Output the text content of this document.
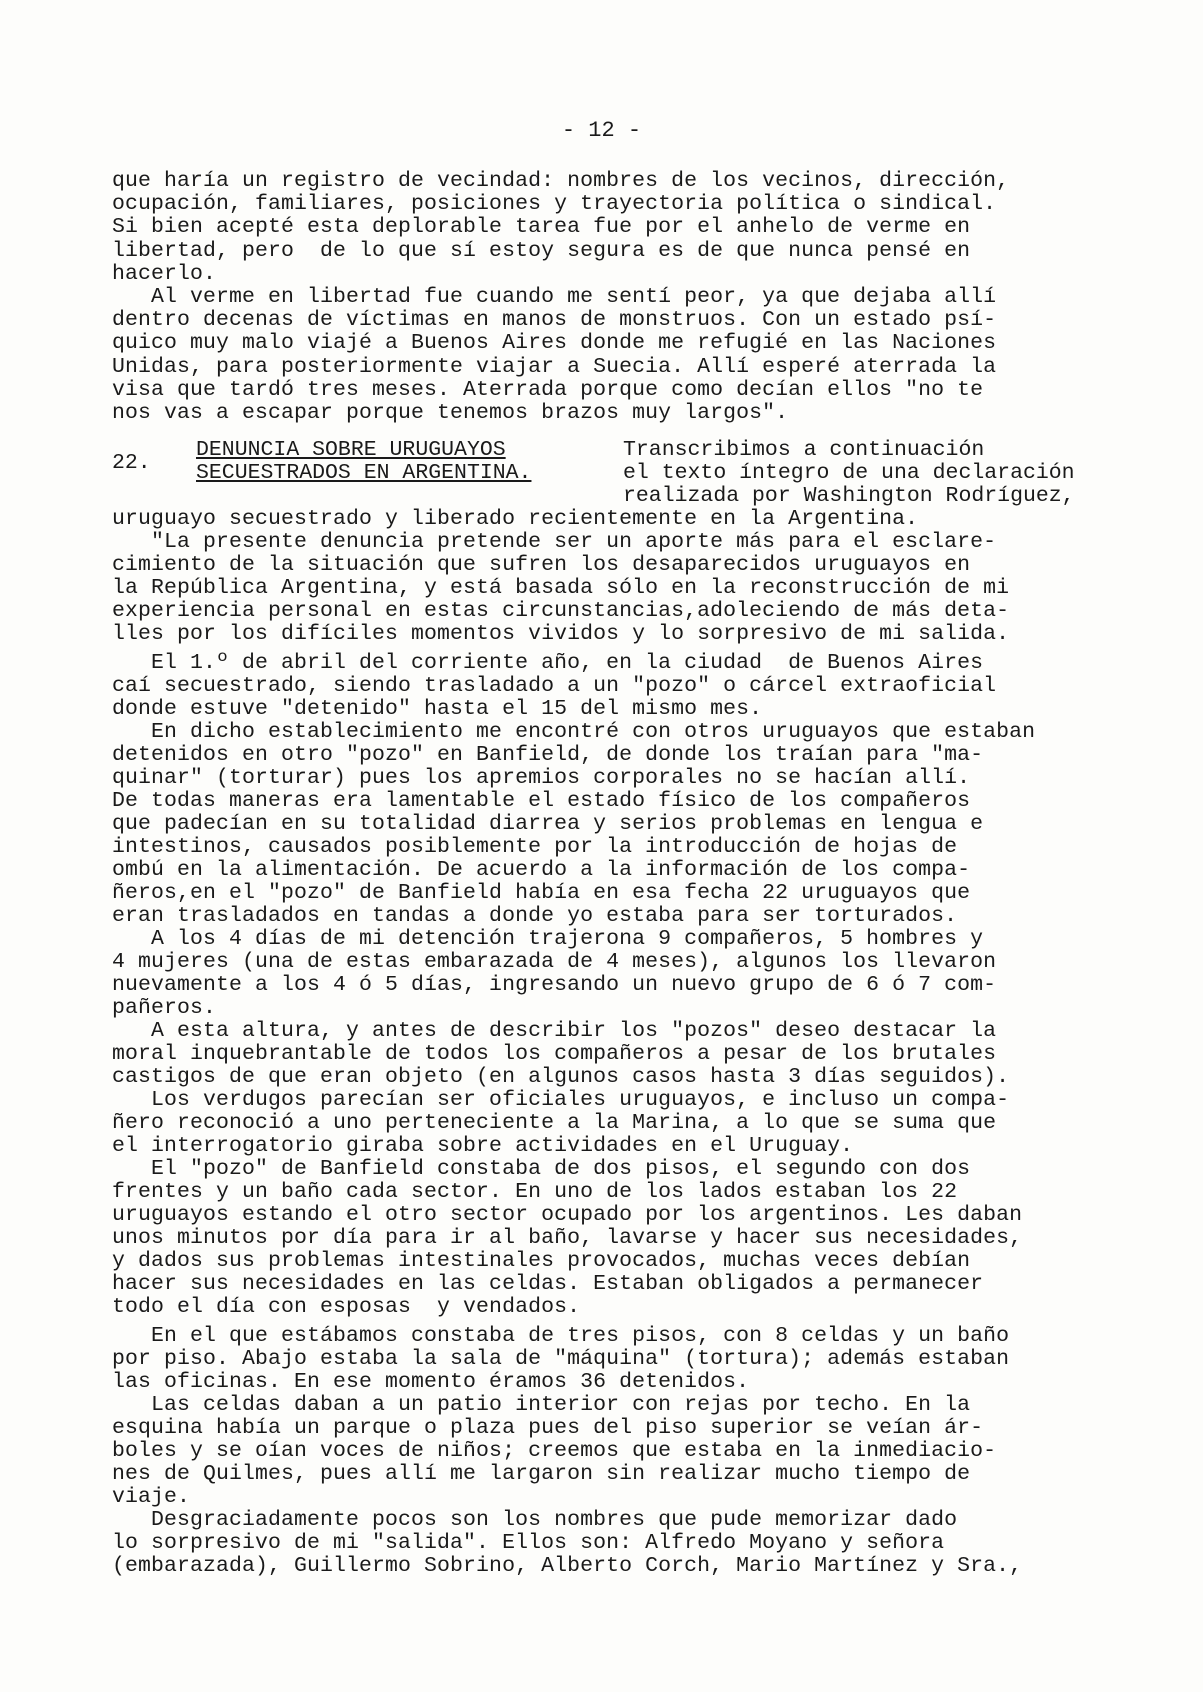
- 12 -
que haría un registro de vecindad: nombres de los vecinos, dirección,
ocupación, familiares, posiciones y trayectoria política o sindical.
Si bien acepté esta deplorable tarea fue por el anhelo de verme en
libertad, pero  de lo que sí estoy segura es de que nunca pensé en
hacerlo.
Al verme en libertad fue cuando me sentí peor, ya que dejaba allí
dentro decenas de víctimas en manos de monstruos. Con un estado psí-
quico muy malo viajé a Buenos Aires donde me refugié en las Naciones
Unidas, para posteriormente viajar a Suecia. Allí esperé aterrada la
visa que tardó tres meses. Aterrada porque como decían ellos "no te
nos vas a escapar porque tenemos brazos muy largos".
22.
DENUNCIA SOBRE URUGUAYOS
SECUESTRADOS EN ARGENTINA.
Transcribimos a continuación
el texto íntegro de una declaración
realizada por Washington Rodríguez,
uruguayo secuestrado y liberado recientemente en la Argentina.
"La presente denuncia pretende ser un aporte más para el esclare-
cimiento de la situación que sufren los desaparecidos uruguayos en
la República Argentina, y está basada sólo en la reconstrucción de mi
experiencia personal en estas circunstancias,adoleciendo de más deta-
lles por los difíciles momentos vividos y lo sorpresivo de mi salida.
El 1.º de abril del corriente año, en la ciudad  de Buenos Aires
caí secuestrado, siendo trasladado a un "pozo" o cárcel extraoficial
donde estuve "detenido" hasta el 15 del mismo mes.
En dicho establecimiento me encontré con otros uruguayos que estaban
detenidos en otro "pozo" en Banfield, de donde los traían para "ma-
quinar" (torturar) pues los apremios corporales no se hacían allí.
De todas maneras era lamentable el estado físico de los compañeros
que padecían en su totalidad diarrea y serios problemas en lengua e
intestinos, causados posiblemente por la introducción de hojas de
ombú en la alimentación. De acuerdo a la información de los compa-
ñeros,en el "pozo" de Banfield había en esa fecha 22 uruguayos que
eran trasladados en tandas a donde yo estaba para ser torturados.
A los 4 días de mi detención trajeronа 9 compañeros, 5 hombres y
4 mujeres (una de estas embarazada de 4 meses), algunos los llevaron
nuevamente a los 4 ó 5 días, ingresando un nuevo grupo de 6 ó 7 com-
pañeros.
A esta altura, y antes de describir los "pozos" deseo destacar la
moral inquebrantable de todos los compañeros a pesar de los brutales
castigos de que eran objeto (en algunos casos hasta 3 días seguidos).
Los verdugos parecían ser oficiales uruguayos, e incluso un compa-
ñero reconoció a uno perteneciente a la Marina, a lo que se suma que
el interrogatorio giraba sobre actividades en el Uruguay.
El "pozo" de Banfield constaba de dos pisos, el segundo con dos
frentes y un baño cada sector. En uno de los lados estaban los 22
uruguayos estando el otro sector ocupado por los argentinos. Les daban
unos minutos por día para ir al baño, lavarse y hacer sus necesidades,
y dados sus problemas intestinales provocados, muchas veces debían
hacer sus necesidades en las celdas. Estaban obligados a permanecer
todo el día con esposas  y vendados.
En el que estábamos constaba de tres pisos, con 8 celdas y un baño
por piso. Abajo estaba la sala de "máquina" (tortura); además estaban
las oficinas. En ese momento éramos 36 detenidos.
Las celdas daban a un patio interior con rejas por techo. En la
esquina había un parque o plaza pues del piso superior se veían ár-
boles y se oían voces de niños; creemos que estaba en la inmediacio-
nes de Quilmes, pues allí me largaron sin realizar mucho tiempo de
viaje.
Desgraciadamente pocos son los nombres que pude memorizar dado
lo sorpresivo de mi "salida". Ellos son: Alfredo Moyano y señora
(embarazada), Guillermo Sobrino, Alberto Corch, Mario Martínez y Sra.,
